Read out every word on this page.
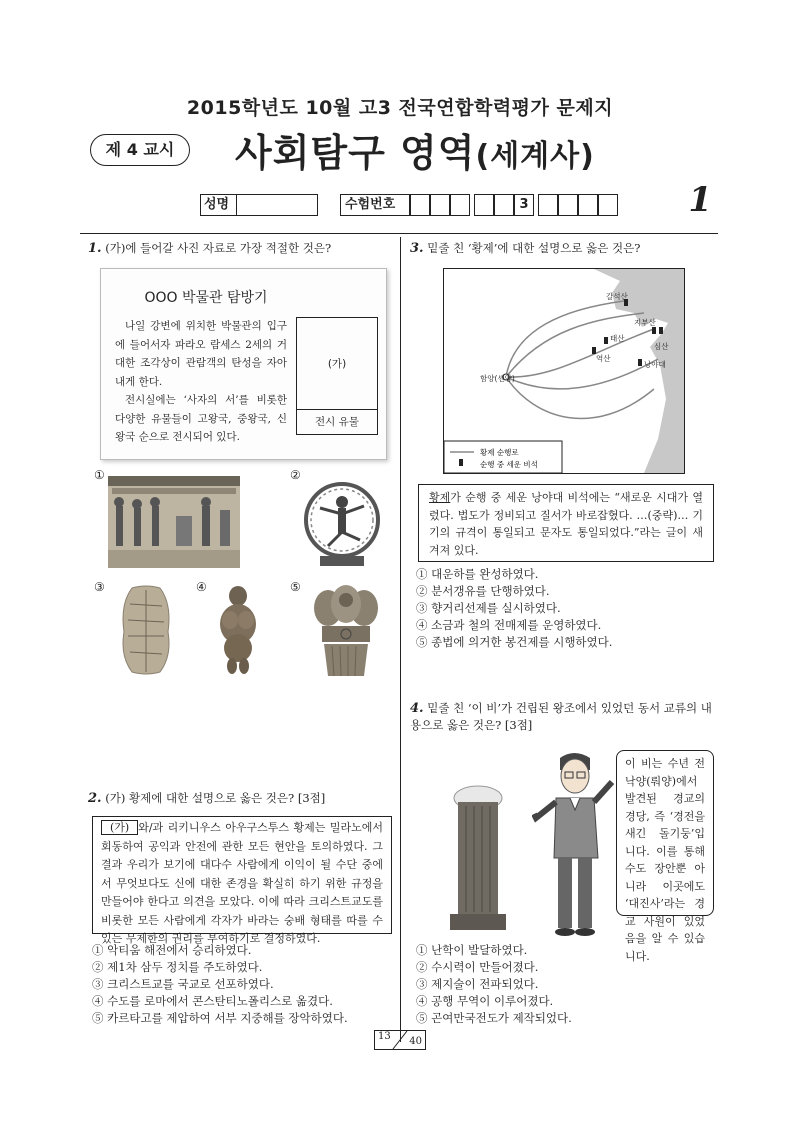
2015학년도 10월 고3 전국연합학력평가 문제지
제 4 교시	사회탐구 영역(세계사)
성명	수험번호	3	1
1. (가)에 들어갈 사진 자료로 가장 적절한 것은?
OOO 박물관 탐방기
나일 강변에 위치한 박물관의 입구에 들어서자 파라오 람세스 2세의 거대한 조각상이 관람객의 탄성을 자아내게 한다.
전시실에는 ‘사자의 서’를 비롯한 다양한 유물들이 고왕국, 중왕국, 신왕국 순으로 전시되어 있다.
(가)
전시 유물
①	②
③	④	⑤
2. (가) 황제에 대한 설명으로 옳은 것은? [3점]
(가) 와/과 리키니우스 아우구스투스 황제는 밀라노에서 회동하여 공익과 안전에 관한 모든 현안을 토의하였다. 그 결과 우리가 보기에 대다수 사람에게 이익이 될 수단 중에서 무엇보다도 신에 대한 존경을 확실히 하기 위한 규정을 만들어야 한다고 의견을 모았다. 이에 따라 크리스트교도를 비롯한 모든 사람에게 각자가 바라는 숭배 형태를 따를 수 있는 무제한의 권리를 부여하기로 결정하였다.
① 악티움 해전에서 승리하였다.
② 제1차 삼두 정치를 주도하였다.
③ 크리스트교를 국교로 선포하였다.
④ 수도를 로마에서 콘스탄티노폴리스로 옮겼다.
⑤ 카르타고를 제압하여 서부 지중해를 장악하였다.
3. 밑줄 친 ‘황제’에 대한 설명으로 옳은 것은?
갈석산
지부산
태산
역산
심산
낭야대
함양(셴양)
황제 순행로
순행 중 세운 비석
황제가 순행 중 세운 낭야대 비석에는 “새로운 시대가 열렸다. 법도가 정비되고 질서가 바로잡혔다. …(중략)… 기기의 규격이 통일되고 문자도 통일되었다.”라는 글이 새겨져 있다.
① 대운하를 완성하였다.
② 분서갱유를 단행하였다.
③ 향거리선제를 실시하였다.
④ 소금과 철의 전매제를 운영하였다.
⑤ 종법에 의거한 봉건제를 시행하였다.
4. 밑줄 친 ‘이 비’가 건립된 왕조에서 있었던 동서 교류의 내용으로 옳은 것은? [3점]
이 비는 수년 전 낙양(뤄양)에서 발견된 경교의 경당, 즉 ‘경전을 새긴 돌기둥’입니다. 이를 통해 수도 장안뿐 아니라 이곳에도 ‘대진사’라는 경교 사원이 있었음을 알 수 있습니다.
① 난학이 발달하였다.
② 수시력이 만들어졌다.
③ 제지술이 전파되었다.
④ 공행 무역이 이루어졌다.
⑤ 곤여만국전도가 제작되었다.
13 40
